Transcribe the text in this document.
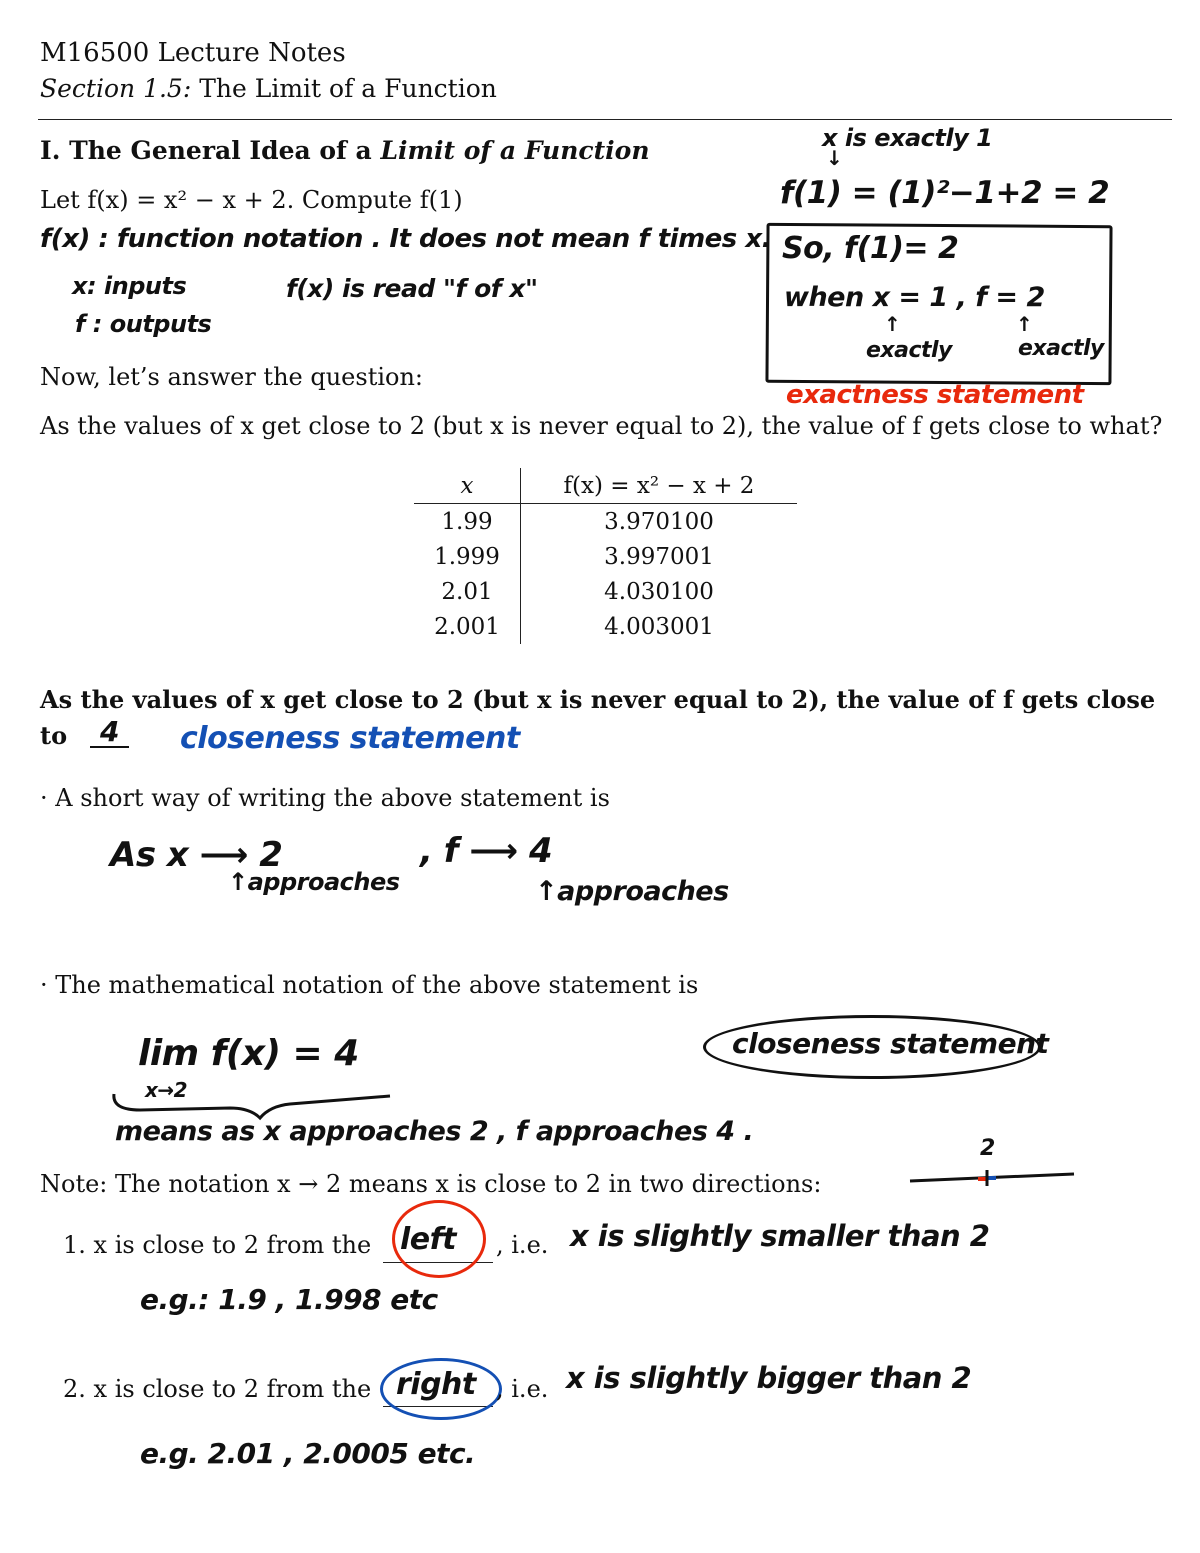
M16500 Lecture Notes
Section 1.5: The Limit of a Function
I. The General Idea of a Limit of a Function
Let f(x) = x² − x + 2. Compute f(1)
f(x) : function notation . It does not mean f times x.
x: inputs	f(x) is read "f of x"
f : outputs
x is exactly 1
↓
f(1) = (1)²−1+2 = 2
So, f(1)= 2
when x = 1 , f = 2
↑	↑
exactly	exactly
exactness statement
Now, let’s answer the question:
As the values of x get close to 2 (but x is never equal to 2), the value of f gets close to what?
x	f(x) = x² − x + 2
1.99	3.970100
1.999	3.997001
2.01	4.030100
2.001	4.003001
As the values of x get close to 2 (but x is never equal to 2), the value of f gets close
to	4	closeness statement
· A short way of writing the above statement is
As x ⟶ 2	, f ⟶ 4
↑approaches	↑approaches
· The mathematical notation of the above statement is
lim f(x) = 4
x→2
means as x approaches 2 , f approaches 4 .
closeness statement
2
Note: The notation x → 2 means x is close to 2 in two directions:
1. x is close to 2 from the left , i.e. x is slightly smaller than 2
e.g.: 1.9 , 1.998 etc
2. x is close to 2 from the right , i.e. x is slightly bigger than 2
e.g. 2.01 , 2.0005 etc.
